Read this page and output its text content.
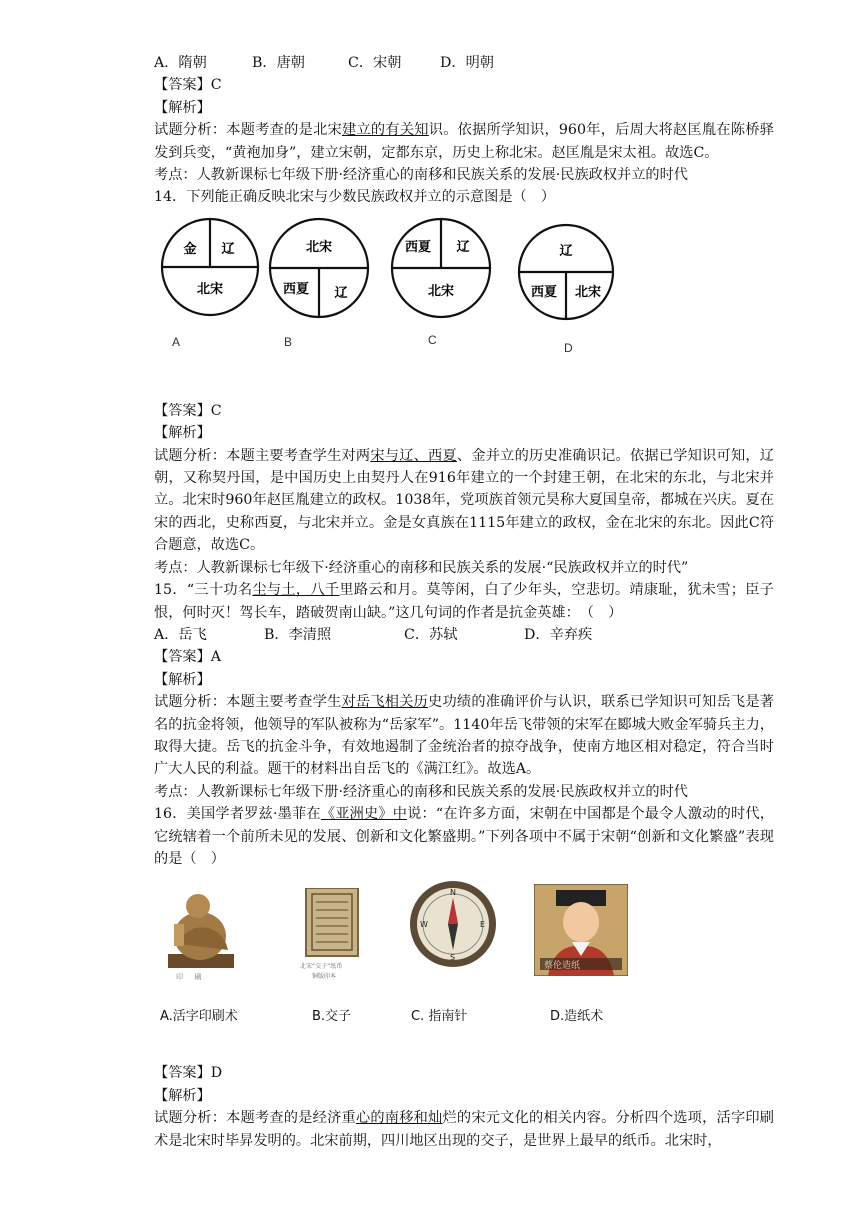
A．隋朝	B．唐朝	C．宋朝	D．明朝
【答案】C
【解析】
试题分析：本题考查的是北宋建立的有关知识。依据所学知识，960年，后周大将赵匡胤在陈桥驿发到兵变，“黄袍加身”，建立宋朝，定都东京，历史上称北宋。赵匡胤是宋太祖。故选C。
考点：人教新课标七年级下册·经济重心的南移和民族关系的发展·民族政权并立的时代
14．下列能正确反映北宋与少数民族政权并立的示意图是（　）
金 辽
北宋
A
北宋
西夏 辽
B
西夏 辽
北宋
C
辽
西夏 北宋
D
【答案】C
【解析】
试题分析：本题主要考查学生对两宋与辽、西夏、金并立的历史准确识记。依据已学知识可知，辽朝，又称契丹国，是中国历史上由契丹人在916年建立的一个封建王朝，在北宋的东北，与北宋并立。北宋时960年赵匡胤建立的政权。1038年，党项族首领元昊称大夏国皇帝，都城在兴庆。夏在宋的西北，史称西夏，与北宋并立。金是女真族在1115年建立的政权，金在北宋的东北。因此C符合题意，故选C。
考点：人教新课标七年级下·经济重心的南移和民族关系的发展·“民族政权并立的时代”
15．“三十功名尘与土，八千里路云和月。莫等闲，白了少年头，空悲切。靖康耻，犹未雪；臣子恨，何时灭！驾长车，踏破贺南山缺。”这几句词的作者是抗金英雄：　（　）
A．岳飞	B．李清照	C．苏轼	D．辛弃疾
【答案】A
【解析】
试题分析：本题主要考查学生对岳飞相关历史功绩的准确评价与认识，联系已学知识可知岳飞是著名的抗金将领，他领导的军队被称为“岳家军”。1140年岳飞带领的宋军在郾城大败金军骑兵主力，取得大捷。岳飞的抗金斗争，有效地遏制了金统治者的掠夺战争，使南方地区相对稳定，符合当时广大人民的利益。题干的材料出自岳飞的《满江红》。故选A。
考点：人教新课标七年级下册·经济重心的南移和民族关系的发展·民族政权并立的时代
16．美国学者罗兹·墨菲在《亚洲史》中说：“在许多方面，宋朝在中国都是个最令人激动的时代，它统辖着一个前所未见的发展、创新和文化繁盛期。”下列各项中不属于宋朝“创新和文化繁盛”表现的是（　）
印 　 刷
北宋“交子”纸币
铜版印本
N
S
W	E
蔡伦造纸
A.活字印刷术	B.交子	C. 指南针	D.造纸术
【答案】D
【解析】
试题分析：本题考查的是经济重心的南移和灿烂的宋元文化的相关内容。分析四个选项，活字印刷术是北宋时毕昇发明的。北宋前期，四川地区出现的交子，是世界上最早的纸币。北宋时，
